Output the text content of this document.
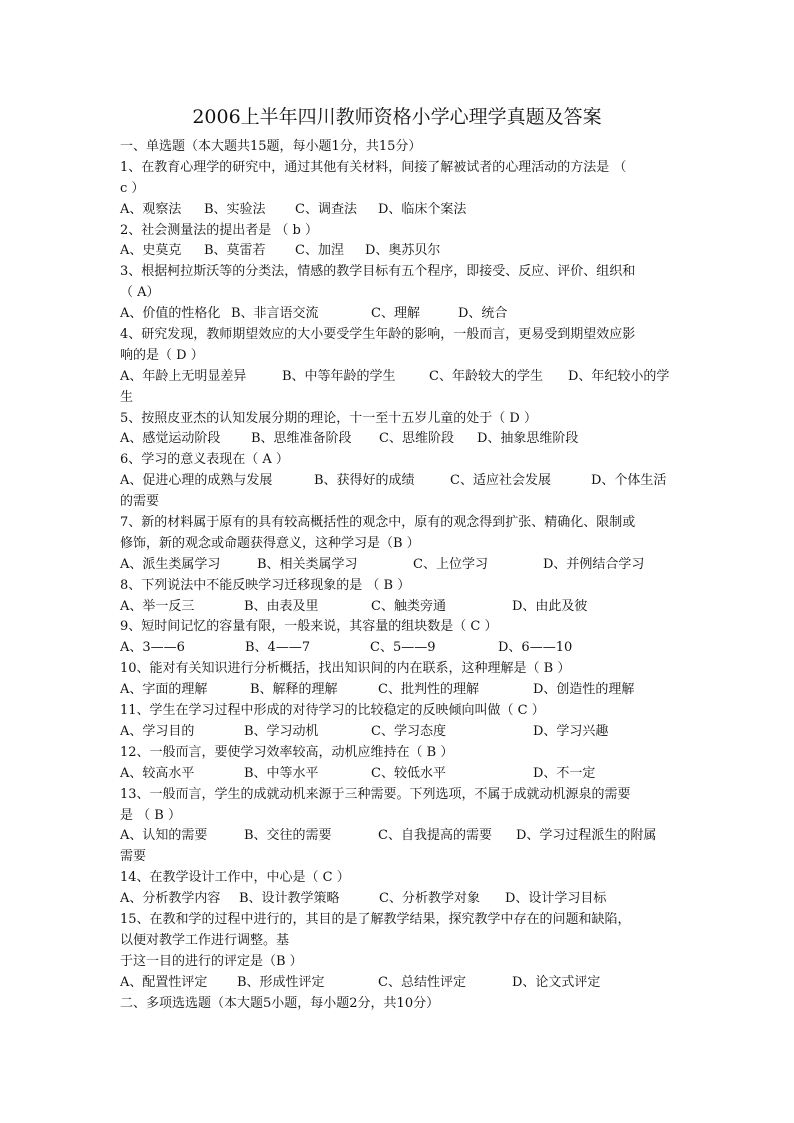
2006上半年四川教师资格小学心理学真题及答案
一、单选题（本大题共15题，每小题1分，共15分）
1、在教育心理学的研究中，通过其他有关材料，间接了解被试者的心理活动的方法是 （
c ）
A、观察法 B、实验法 C、调查法 D、临床个案法
2、社会测量法的提出者是 （ b ）
A、史莫克 B、莫雷若 C、加涅 D、奥苏贝尔
3、根据柯拉斯沃等的分类法，情感的教学目标有五个程序，即接受、反应、评价、组织和
（ A）
A、价值的性格化 B、非言语交流	C、理解	D、统合
4、研究发现，教师期望效应的大小要受学生年龄的影响，一般而言，更易受到期望效应影
响的是（ D ）
A、年龄上无明显差异	B、中等年龄的学生	C、年龄较大的学生 D、年纪较小的学
生
5、按照皮亚杰的认知发展分期的理论，十一至十五岁儿童的处于（ D ）
A、感觉运动阶段 B、思维准备阶段 C、思维阶段 D、抽象思维阶段
6、学习的意义表现在（ A ）
A、促进心理的成熟与发展	B、获得好的成绩	C、适应社会发展	D、个体生活
的需要
7、新的材料属于原有的具有较高概括性的观念中，原有的观念得到扩张、精确化、限制或
修饰，新的观念或命题获得意义，这种学习是（B ）
A、派生类属学习	B、相关类属学习	C、上位学习	D、并例结合学习
8、下列说法中不能反映学习迁移现象的是 （ B ）
A、举一反三	B、由表及里	C、触类旁通	D、由此及彼
9、短时间记忆的容量有限，一般来说，其容量的组块数是（ C ）
A、3——6	B、4——7	C、5——9	D、6——10
10、能对有关知识进行分析概括，找出知识间的内在联系，这种理解是（ B ）
A、字面的理解	B、解释的理解	C、批判性的理解	D、创造性的理解
11、学生在学习过程中形成的对待学习的比较稳定的反映倾向叫做（ C ）
A、学习目的	B、学习动机	C、学习态度	D、学习兴趣
12、一般而言，要使学习效率较高，动机应维持在（ B ）
A、较高水平	B、中等水平	C、较低水平	D、不一定
13、一般而言，学生的成就动机来源于三种需要。下列选项，不属于成就动机源泉的需要
是 （ B ）
A、认知的需要	B、交往的需要	C、自我提高的需要 D、学习过程派生的附属
需要
14、在教学设计工作中，中心是（ C ）
A、分析教学内容 B、设计教学策略	C、分析教学对象 D、设计学习目标
15、在教和学的过程中进行的，其目的是了解教学结果，探究教学中存在的问题和缺陷，
以便对教学工作进行调整。基
于这一目的进行的评定是（B ）
A、配置性评定 B、形成性评定	C、总结性评定	D、论文式评定
二、多项选选题（本大题5小题，每小题2分，共10分）
